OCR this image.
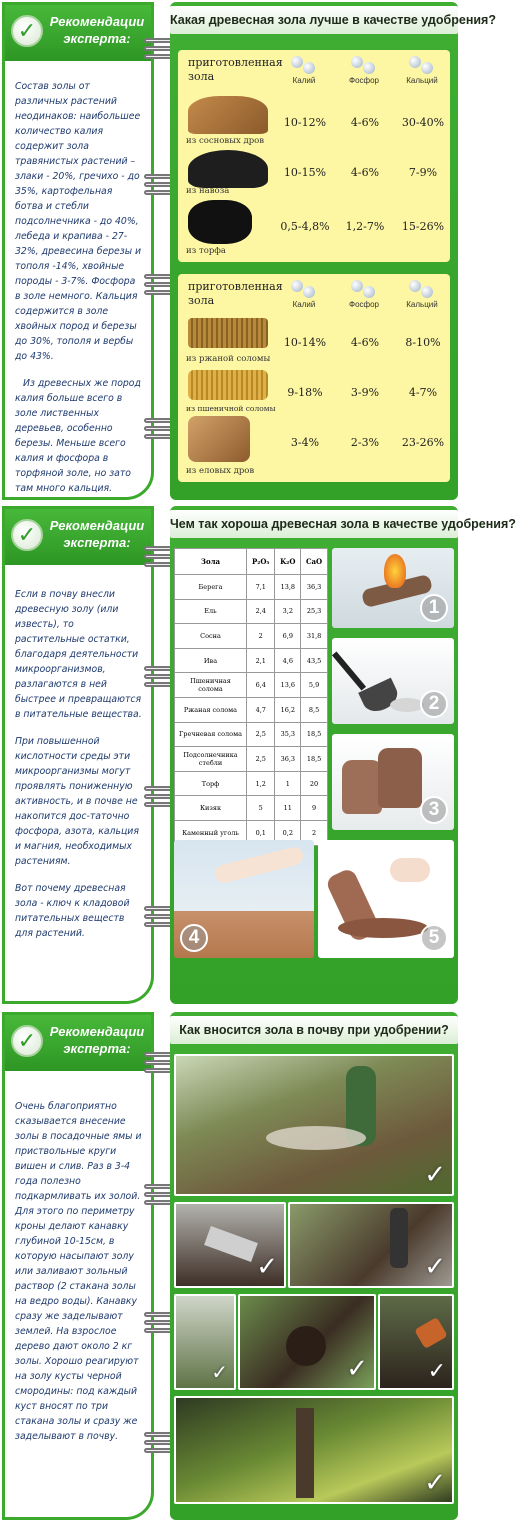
✓	Рекомендации эксперта:

Состав золы от различных растений неодинаков: наибольшее количество калия содержит зола травянистых растений – злаки - 20%, гречихо - до 35%, картофельная ботва и стебли подсолнечника - до 40%, лебеда и крапива - 27-32%, древесина березы и тополя -14%, хвойные породы - 3-7%. Фосфора в золе немного. Кальция содержится в золе хвойных пород и березы до 30%, тополя и вербы до 43%.

Из древесных же пород калия больше всего в золе лиственных деревьев, особенно березы. Меньше всего калия и фосфора в торфяной золе, но зато там много кальция.

Какая древесная зола лучше в качестве удобрения?
приготовленная зола	Калий	Фосфор	Кальций
из сосновых дров
10-12%	4-6%	30-40%
из навоза
10-15%	4-6%	7-9%
из торфа
0,5-4,8%	1,2-7%	15-26%
приготовленная зола	Калий	Фосфор	Кальций
из ржаной соломы
10-14%	4-6%	8-10%
из пшеничной соломы
9-18%	3-9%	4-7%
из еловых дров
3-4%	2-3%	23-26%
✓	Рекомендации эксперта:

Если в почву внесли древесную золу (или известь), то растительные остатки, благодаря деятельности микроорганизмов, разлагаются в ней быстрее и превращаются в питательные вещества.

При повышенной кислотности среды эти микроорганизмы могут проявлять пониженную активность, и в почве не накопится дос-таточно фосфора, азота, кальция и магния, необходимых растениям.

Вот почему древесная зола - ключ к кладовой питательных веществ для растений.

Чем так хороша древесная зола в качестве удобрения?
Зола	P₂O₅	K₂O	CaO
Берега	7,1	13,8	36,3
Ель	2,4	3,2	25,3
Сосна	2	6,9	31,8
Ива	2,1	4,6	43,5
Пшеничная солома	6,4	13,6	5,9
Ржаная солома	4,7	16,2	8,5
Гречневая солома	2,5	35,3	18,5
Подсолнечника стебли	2,5	36,3	18,5
Торф	1,2	1	20
Кизяк	5	11	9
Каменный уголь	0,1	0,2	2
1
2
3
4	5
✓	Рекомендации эксперта:

Очень благоприятно сказывается внесение золы в посадочные ямы и приствольные круги вишен и слив. Раз в 3-4 года полезно подкармливать их золой. Для этого по периметру кроны делают канавку глубиной 10-15см, в которую насыпают золу или заливают зольный раствор (2 стакана золы на ведро воды). Канавку сразу же заделывают землей. На взрослое дерево дают около 2 кг золы. Хорошо реагируют на золу кусты черной смородины: под каждый куст вносят по три стакана золы и сразу же заделывают в почву.

Как вносится зола в почву при удобрении?
✓
✓	✓
✓	✓	✓
✓
